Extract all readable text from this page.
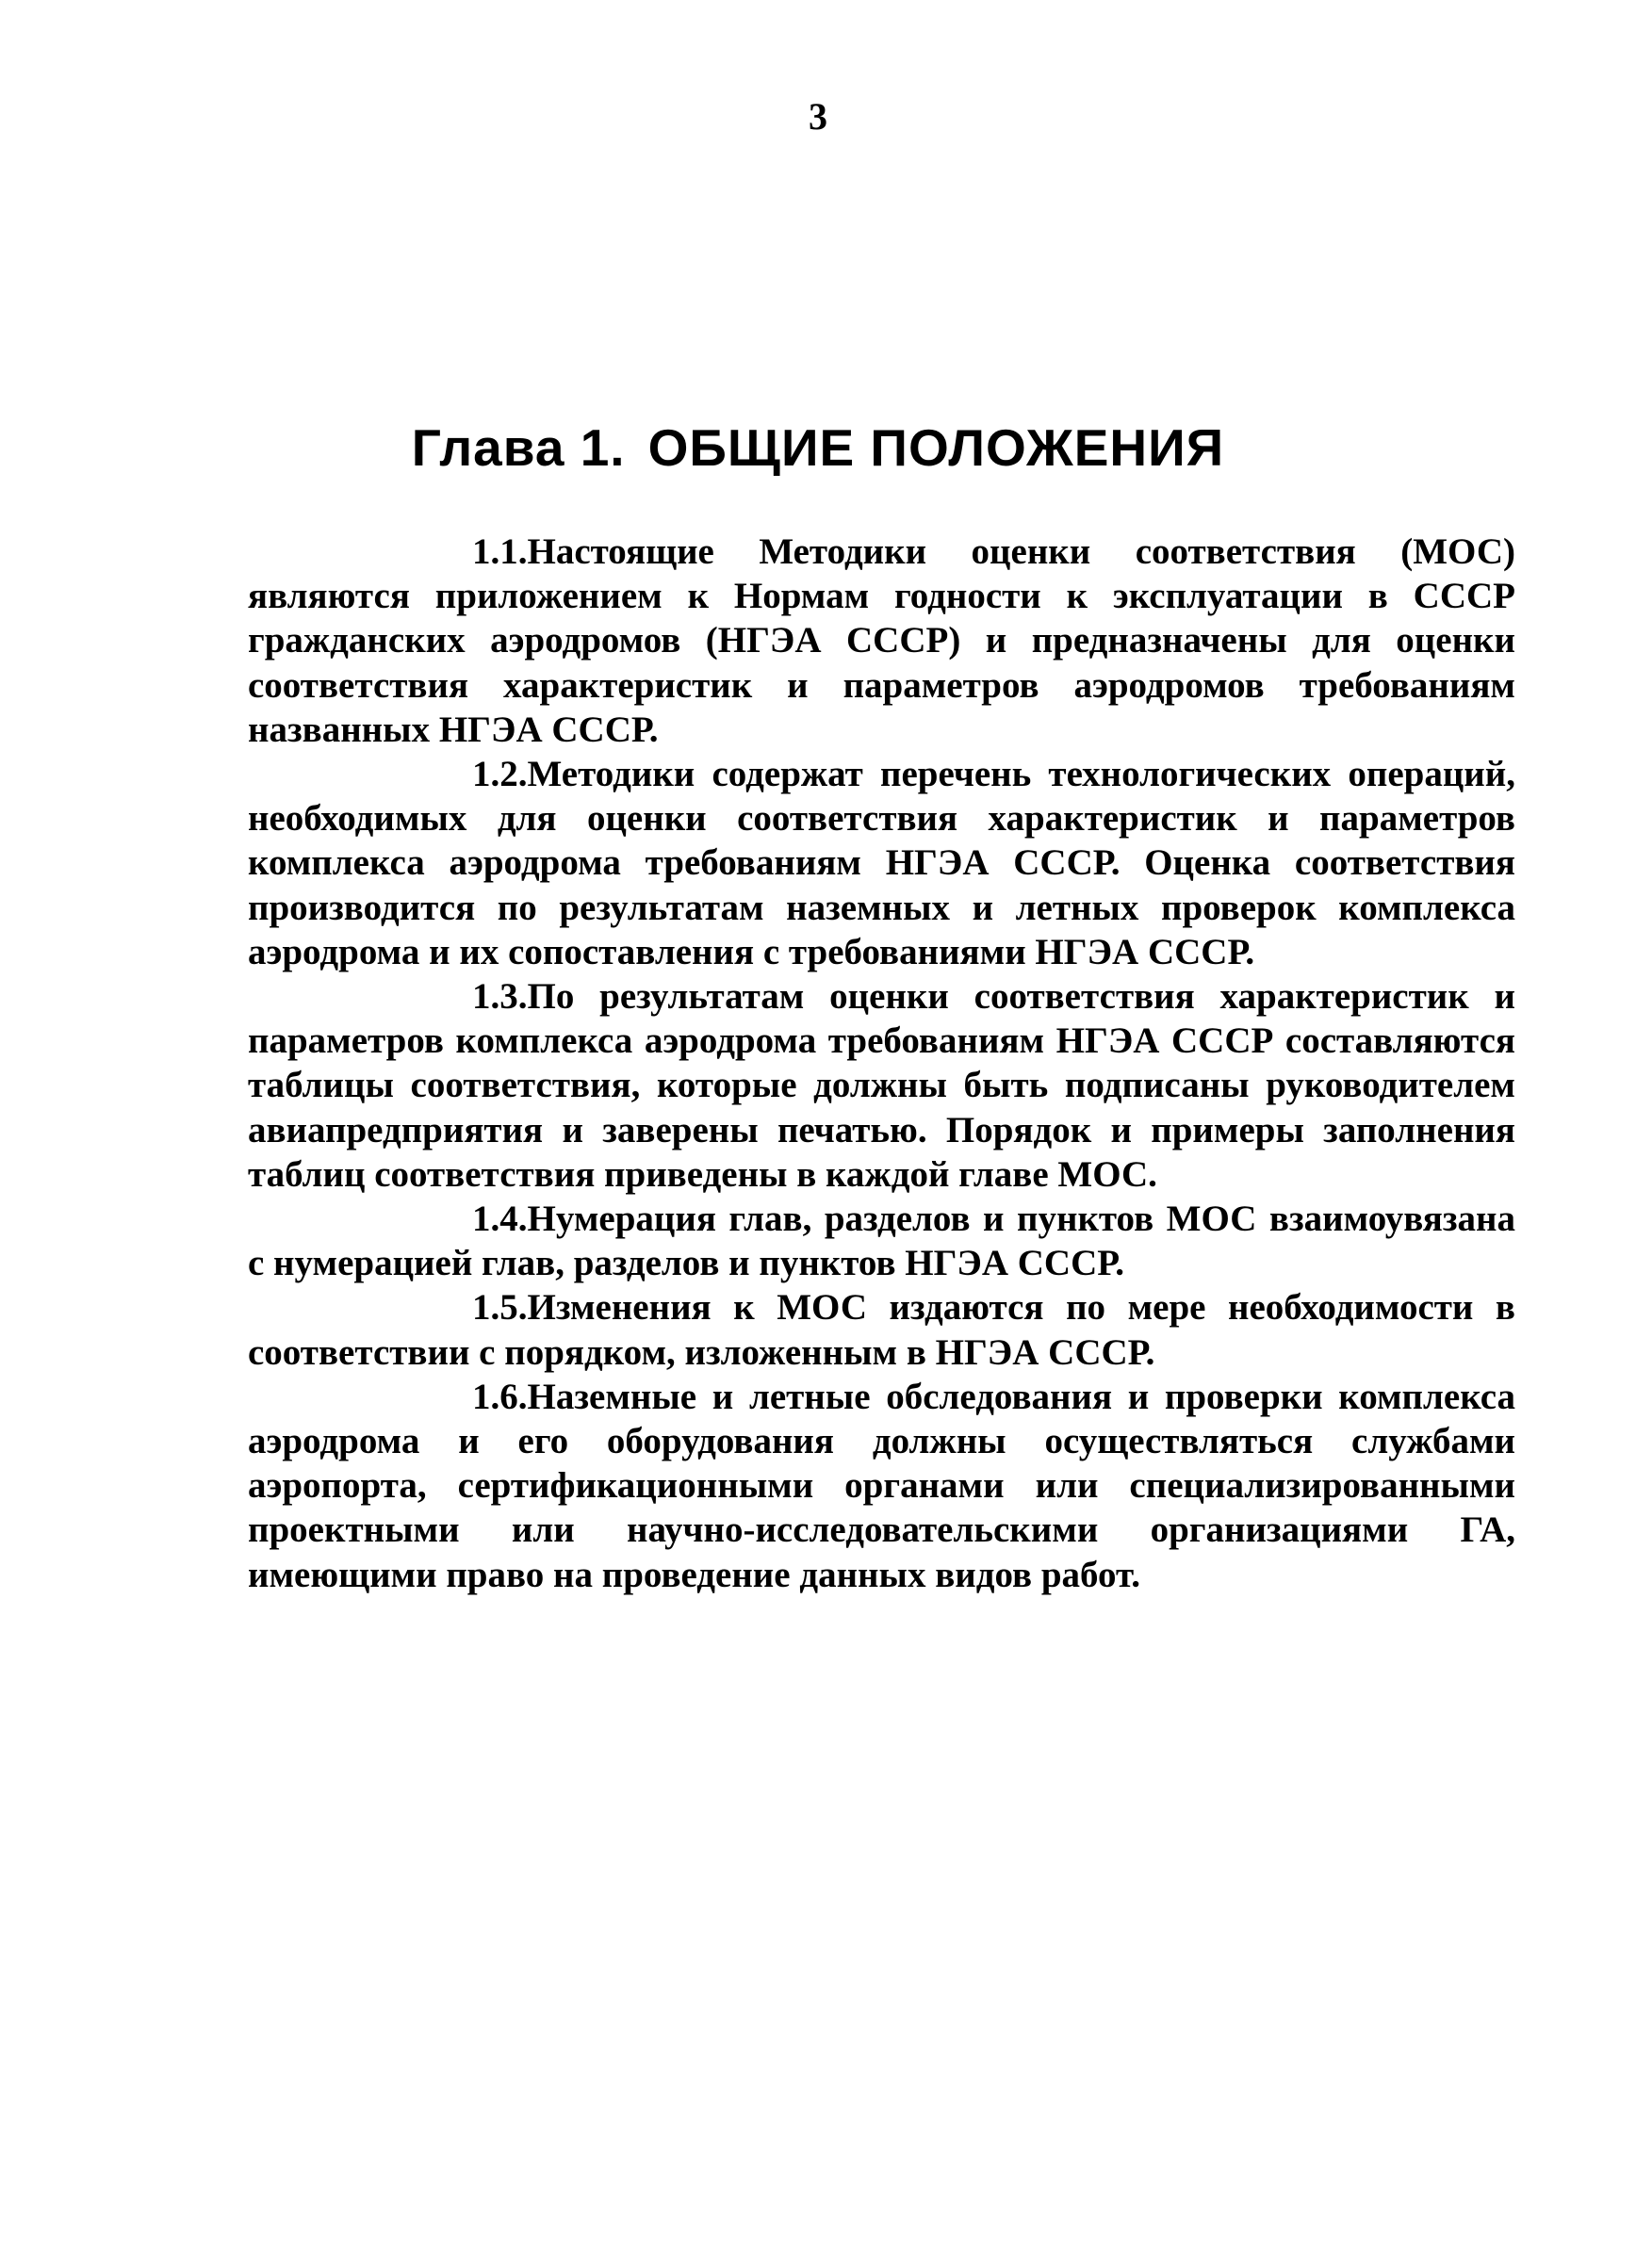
3
Глава 1. ОБЩИЕ ПОЛОЖЕНИЯ

1.1.Настоящие Методики оценки соответствия (МОС) являются приложением к Нормам годности к эксплуатации в СССР гражданских аэродромов (НГЭА СССР) и предназначены для оценки соответствия характеристик и параметров аэродромов требованиям названных НГЭА СССР.

1.2.Методики содержат перечень технологических операций, необходимых для оценки соответствия характеристик и параметров комплекса аэродрома требованиям НГЭА СССР. Оценка соответствия производится по результатам наземных и летных проверок комплекса аэродрома и их сопоставления с требованиями НГЭА СССР.

1.3.По результатам оценки соответствия характеристик и параметров комплекса аэродрома требованиям НГЭА СССР составляются таблицы соответствия, которые должны быть подписаны руководителем авиапредприятия и заверены печатью. Порядок и примеры заполнения таблиц соответствия приведены в каждой главе МОС.

1.4.Нумерация глав, разделов и пунктов МОС взаимоувязана с нумерацией глав, разделов и пунктов НГЭА СССР.

1.5.Изменения к МОС издаются по мере необходимости в соответствии с порядком, изложенным в НГЭА СССР.

1.6.Наземные и летные обследования и проверки комплекса аэродрома и его оборудования должны осуществляться службами аэропорта, сертификационными органами или специализированными проектными или научно-исследовательскими организациями ГА, имеющими право на проведение данных видов работ.
